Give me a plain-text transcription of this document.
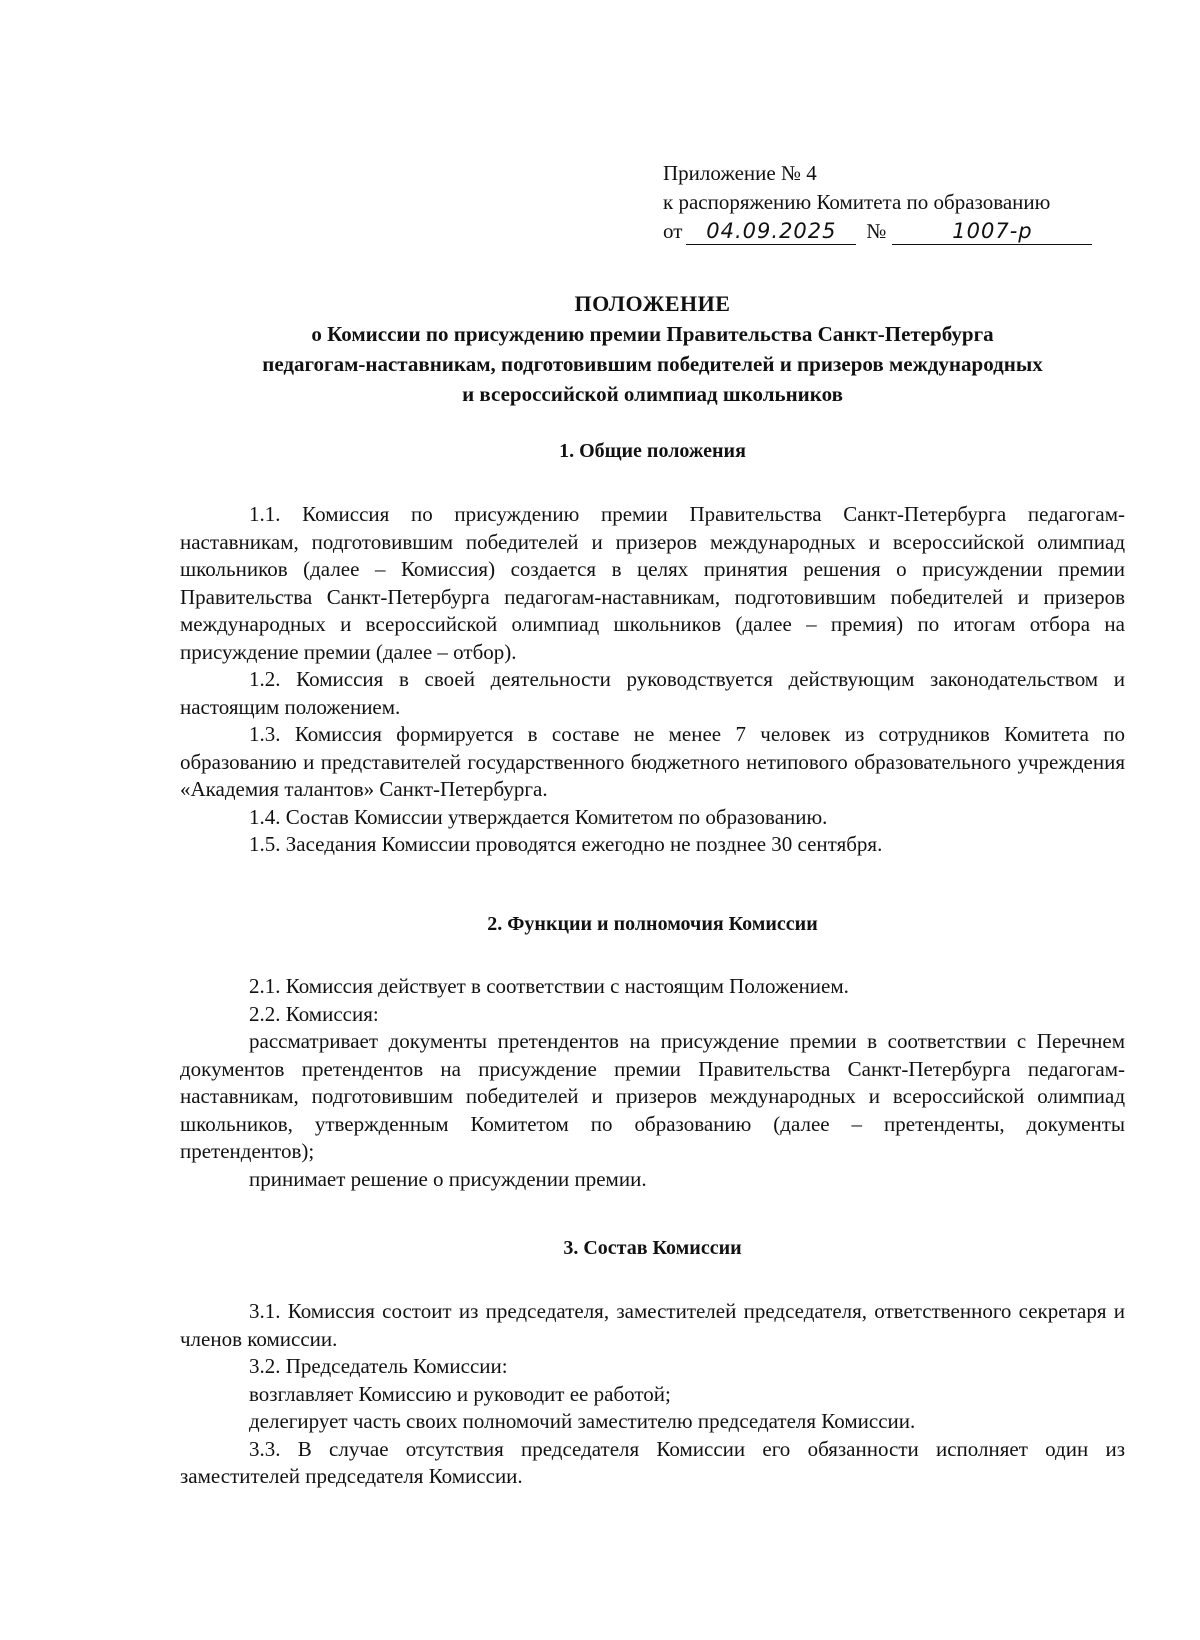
Приложение № 4
к распоряжению Комитета по образованию
от 04.09.2025 №	1007-р
ПОЛОЖЕНИЕ
о Комиссии по присуждению премии Правительства Санкт-Петербурга
педагогам-наставникам, подготовившим победителей и призеров международных
и всероссийской олимпиад школьников
1. Общие положения

1.1. Комиссия по присуждению премии Правительства Санкт-Петербурга педагогам-наставникам, подготовившим победителей и призеров международных и всероссийской олимпиад школьников (далее – Комиссия) создается в целях принятия решения о присуждении премии Правительства Санкт-Петербурга педагогам-наставникам, подготовившим победителей и призеров международных и всероссийской олимпиад школьников (далее – премия) по итогам отбора на присуждение премии (далее – отбор).

1.2. Комиссия в своей деятельности руководствуется действующим законодательством и настоящим положением.

1.3. Комиссия формируется в составе не менее 7 человек из сотрудников Комитета по образованию и представителей государственного бюджетного нетипового образовательного учреждения «Академия талантов» Санкт-Петербурга.

1.4. Состав Комиссии утверждается Комитетом по образованию.

1.5. Заседания Комиссии проводятся ежегодно не позднее 30 сентября.

2. Функции и полномочия Комиссии

2.1. Комиссия действует в соответствии с настоящим Положением.

2.2. Комиссия:

рассматривает документы претендентов на присуждение премии в соответствии с Перечнем документов претендентов на присуждение премии Правительства Санкт-Петербурга педагогам-наставникам, подготовившим победителей и призеров международных и всероссийской олимпиад школьников, утвержденным Комитетом по образованию (далее – претенденты, документы претендентов);

принимает решение о присуждении премии.

3. Состав Комиссии

3.1. Комиссия состоит из председателя, заместителей председателя, ответственного секретаря и членов комиссии.

3.2. Председатель Комиссии:

возглавляет Комиссию и руководит ее работой;

делегирует часть своих полномочий заместителю председателя Комиссии.

3.3. В случае отсутствия председателя Комиссии его обязанности исполняет один из заместителей председателя Комиссии.
